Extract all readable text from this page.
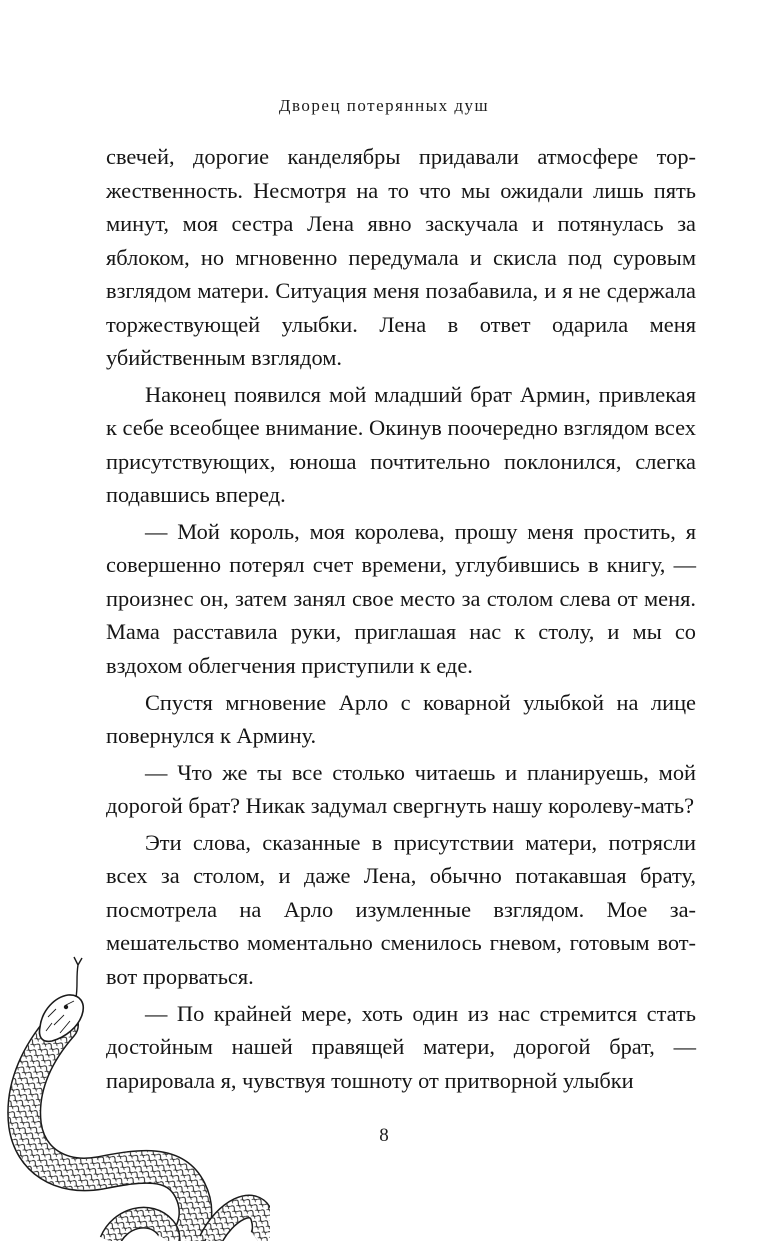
Дворец потерянных душ

свечей, дорогие канделябры придавали атмосфере торжественность. Несмотря на то что мы ожидали лишь пять минут, моя сестра Лена явно заскучала и потянулась за яблоком, но мгновенно передумала и скисла под суровым взглядом матери. Ситуация меня позабавила, и я не сдержала торжествующей улыбки. Лена в ответ одарила меня убийственным взглядом.

Наконец появился мой младший брат Армин, привлекая к себе всеобщее внимание. Окинув поочередно взглядом всех присутствующих, юноша почтительно поклонился, слегка подавшись вперед.

— Мой король, моя королева, прошу меня простить, я совершенно потерял счет времени, углубившись в книгу, — произнес он, затем занял свое место за столом слева от меня. Мама расставила руки, приглашая нас к столу, и мы со вздохом облегчения приступили к еде.

Спустя мгновение Арло с коварной улыбкой на лице повернулся к Армину.

— Что же ты все столько читаешь и планируешь, мой дорогой брат? Никак задумал свергнуть нашу королеву-мать?

Эти слова, сказанные в присутствии матери, потрясли всех за столом, и даже Лена, обычно потакавшая брату, посмотрела на Арло изумленные взглядом. Мое замешательство моментально сменилось гневом, готовым вот-вот прорваться.

— По крайней мере, хоть один из нас стремится стать достойным нашей правящей матери, дорогой брат, — парировала я, чувствуя тошноту от притворной улыбки

8
